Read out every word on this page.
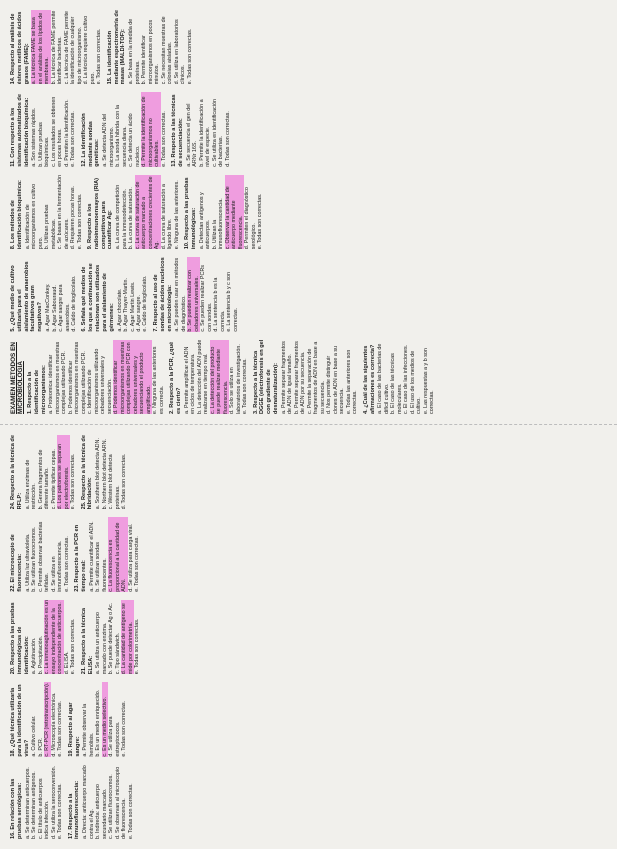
EXAMEN METODOS EN MICROBIOLOGIA 1. Respecto a la identificación de microorganismos: a. Proteomica: identificar microorganismos en muestras complejas utilizando PCR. b. Podemos identificar microorganismos en muestras complejas utilizando PCR. c. Identificación de microorganismos utilizando cebadores universales y secuenciación. d. Podemos identificar microorganismos en muestras complejas utilizando PCR con cebadores universales y secuenciando el producto amplificado. e. Ninguna de las anteriores es correcta. 2. Respecto a la PCR, ¿qué es cierto? a. Permite amplificar el ADN en ciclos de temperatura. b. La detección del ADN puede realizarse en tiempo real. c. La detección del producto se puede realizar mediante fluorescencia. d. Solo se utiliza en laboratorios de investigación. e. Todas son correctas. 3. Respecto a la técnica DGGE (electroforesis en gel con gradiente de desnaturalización): a. Permite separar fragmentos de ADN de igual tamaño. b. Permite separar fragmentos de ADN por su secuencia. c. Permite la separación de fragmentos de ADN en base a su secuencia. d. Nos permite distinguir clones de ADN en base a su secuencia. e. Todas las anteriores son correctas. 4. ¿Cuál de las siguientes afirmaciones es correcta? a. El caso de las bacterias de difícil cultivo. b. El caso de las técnicas moleculares. c. El caso de las infecciones. d. El uso de los medios de cultivo. e. Las respuestas a y b son correctas.

5. ¿Qué medio de cultivo utilizaría para el aislamiento de anaerobios facultativos gram negativos? a. Agar MacConkey. b. Agar Sabouraud. c. Agar sangre para anaerobios. d. Caldo de tioglicolato. 6. Señala qué medios de los que a continuación se relacionan son utilizados para el aislamiento de gérmenes: a. Agar chocolate. b. Agar Thayer-Martin. c. Agar Martin Lewis. d. Agar sangre. e. Caldo de tioglicolato. 7. Respecto al uso de sondas de ácidos nucleicos en microbiología: a. Se pueden usar en métodos de diagnóstico. b. Se pueden realizar con cebadores universales. c. Se pueden realizar PCRs con sondas. d. La sentencia b es la correcta. e. La sentencia b y c son correctas.

8. Los métodos de identificación bioquímica: a. Identificación de microorganismos en cultivo puro. b. Utilizan pruebas metabólicas. c. Se basan en la fermentación de azúcares. d. Requieren pocas horas. e. Todas son correctas. 9. Respecto a los radioinmunoensayos (RIA) competitivos para cuantificar Ag: a. La curva de competición para la inmunodetección. b. La curva de saturación. c. La curva de saturación de anticuerpo marcado a concentraciones crecientes de Ag. d. La curva de saturación a ligando libre. e. Ninguna de las anteriores. 10. Respecto a las pruebas inmunológicas: a. Detectan antígenos y anticuerpos. b. Utilizan la inmunofluorescencia. c. Observar la cantidad de anticuerpo mediante fluorescencia. d. Permiten el diagnóstico serológico. e. Todas son correctas.

11. Con respecto a los sistemas automatizados de identificación bioquímica: a. Son sistemas rápidos. b. Utilizan pruebas bioquímicas. c. Los resultados se obtienen en pocas horas. d. Permiten la identificación. e. Todas son correctas. 12. La identificación mediante sondas genéticas: a. Se detecta ADN del microorganismo. b. La sonda hibrida con la secuencia diana. c. Se detecta un ácido nucleico. d. Permite la identificación de microorganismos no cultivables. e. Todas son correctas. 13. Respecto a las técnicas de secuenciación: a. Se secuencia el gen del ARNr 16S. b. Permite la identificación a nivel de especie. c. Se utiliza en identificación de bacterias. d. Todas son correctas.

14. Respecto al análisis de ésteres metílicos de ácidos grasos (FAME): a. La técnica FAME se basa en el análisis de los lípidos de membrana. b. La técnica de FAME permite identificar bacterias. c. La técnica de FAME permite la identificación de cualquier tipo de microorganismo. d. La técnica requiere cultivo puro. e. Todas son correctas. 15. La identificación mediante espectrometría de masas (MALDI-TOF): a. Se basa en la medida de proteínas. b. Permite identificar microorganismos en pocos minutos. c. Se necesitan muestras de colonias aisladas. d. Se utiliza en laboratorios clínicos. e. Todas son correctas.

16. En relación con las pruebas serológicas: a. Se determinan anticuerpos. b. Se determinan antígenos. c. El título de anticuerpos indica infección. d. Se utiliza la seroconversión. e. Todas son correctas. 17. Respecto a la inmunofluorescencia: a. Directa: anticuerpo marcado contra el Ag. b. Indirecta: anticuerpo secundario marcado. c. Se utilizan fluorocromos. d. Se observan al microscopio de fluorescencia. e. Todas son correctas.

18. ¿Qué técnica utilizaría para la identificación de un virus? a. Cultivo celular. b. PCR. c. RT-PCR (retrotranscripción). d. Microscopía electrónica. e. Todas son correctas. 19. Respecto al agar sangre: a. Permite observar la hemólisis. b. Es un medio enriquecido. c. Es un medio selectivo. d. Se utiliza para estreptococos. e. Todas son correctas.

20. Respecto a las pruebas inmunológicas de identificación: a. Aglutinación. b. Precipitación. c. La inmunoaglutinación es un ensayo independiente de la concentración de anticuerpos. d. ELISA. e. Todas son correctas. 21. Respecto a la técnica ELISA: a. Se utiliza un anticuerpo marcado con enzima. b. Se puede detectar Ag o Ac. c. Tipo sándwich. d. La cantidad de antígeno se mide por colorimetría. e. Todas son correctas.

22. El microscopio de fluorescencia: a. Utiliza luz ultravioleta. b. Se utilizan fluorocromos. c. Permite observar bacterias teñidas. d. Se utiliza en inmunofluorescencia. e. Todas son correctas. 23. Respecto a la PCR en tiempo real: a. Permite cuantificar el ADN. b. Se utilizan sondas fluorescentes. c. La fluorescencia es proporcional a la cantidad de ADN. d. Se utiliza para carga viral. e. Todas son correctas.

24. Respecto a la técnica de RFLP: a. Utiliza enzimas de restricción. b. Genera fragmentos de diferente tamaño. c. Permite tipificar cepas. d. Los patrones se separan por electroforesis. e. Todas son correctas. 25. Respecto a la técnica de hibridación: a. Southern blot detecta ADN. b. Northern blot detecta ARN. c. Western blot detecta proteínas. d. Todas son correctas.
